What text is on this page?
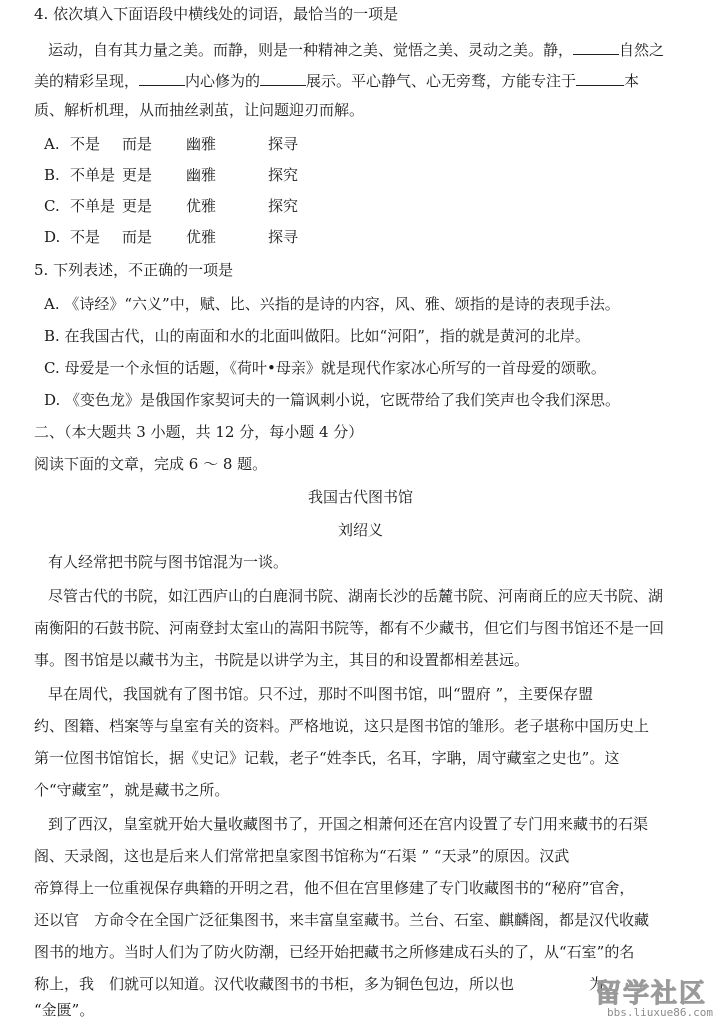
4. 依次填入下面语段中横线处的词语，最恰当的一项是
运动，自有其力量之美。而静，则是一种精神之美、觉悟之美、灵动之美。静，	自然之
美的精彩呈现，	内心修为的	展示。平心静气、心无旁骛，方能专注于	本
质、解析机理，从而抽丝剥茧，让问题迎刃而解。
A. 不是 而是 幽雅	探寻
B. 不单是 更是 幽雅	探究
C. 不单是 更是 优雅	探究
D. 不是 而是 优雅	探寻
5. 下列表述，不正确的一项是
A. 《诗经》“六义”中，赋、比、兴指的是诗的内容，风、雅、颂指的是诗的表现手法。
B. 在我国古代，山的南面和水的北面叫做阳。比如“河阳”，指的就是黄河的北岸。
C. 母爱是一个永恒的话题，《荷叶•母亲》就是现代作家冰心所写的一首母爱的颂歌。
D. 《变色龙》是俄国作家契诃夫的一篇讽刺小说，它既带给了我们笑声也令我们深思。
二、（本大题共 3 小题，共 12 分，每小题 4 分）
阅读下面的文章，完成 6 ～ 8 题。
我国古代图书馆
刘绍义
有人经常把书院与图书馆混为一谈。
尽管古代的书院，如江西庐山的白鹿洞书院、湖南长沙的岳麓书院、河南商丘的应天书院、湖
南衡阳的石鼓书院、河南登封太室山的嵩阳书院等，都有不少藏书，但它们与图书馆还不是一回
事。图书馆是以藏书为主，书院是以讲学为主，其目的和设置都相差甚远。
早在周代，我国就有了图书馆。只不过，那时不叫图书馆，叫“盟府 ”，主要保存盟
约、图籍、档案等与皇室有关的资料。严格地说，这只是图书馆的雏形。老子堪称中国历史上
第一位图书馆馆长，据《史记》记载，老子“姓李氏，名耳，字聃，周守藏室之史也”。这
个“守藏室”，就是藏书之所。
到了西汉，皇室就开始大量收藏图书了，开国之相萧何还在宫内设置了专门用来藏书的石渠
阁、天录阁，这也是后来人们常常把皇家图书馆称为“石渠 ” “天录”的原因。汉武
帝算得上一位重视保存典籍的开明之君，他不但在宫里修建了专门收藏图书的“秘府”官舍，
还以官　方命令在全国广泛征集图书，来丰富皇室藏书。兰台、石室、麒麟阁，都是汉代收藏
图书的地方。当时人们为了防火防潮，已经开始把藏书之所修建成石头的了，从“石室”的名
称上，我　们就可以知道。汉代收藏图书的书柜，多为铜色包边，所以也　　　　　为
“金匮”。
留学社区
bbs.liuxue86.com
